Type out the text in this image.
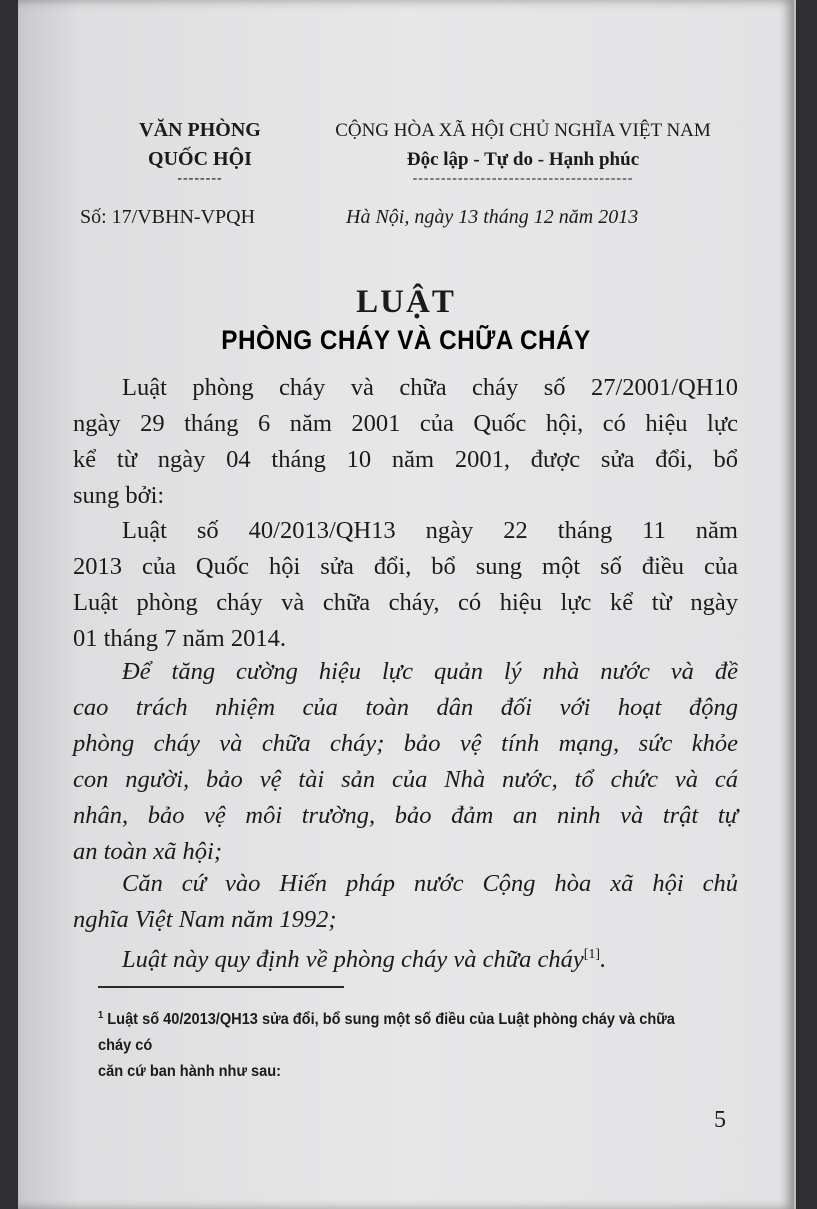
VĂN PHÒNG
QUỐC HỘI
--------
CỘNG HÒA XÃ HỘI CHỦ NGHĨA VIỆT NAM
Độc lập - Tự do - Hạnh phúc
---------------------------------------
Số: 17/VBHN-VPQH	Hà Nội, ngày 13 tháng 12 năm 2013
LUẬT
PHÒNG CHÁY VÀ CHỮA CHÁY
Luật phòng cháy và chữa cháy số 27/2001/QH10
ngày 29 tháng 6 năm 2001 của Quốc hội, có hiệu lực
kể từ ngày 04 tháng 10 năm 2001, được sửa đổi, bổ
sung bởi:
Luật số 40/2013/QH13 ngày 22 tháng 11 năm
2013 của Quốc hội sửa đổi, bổ sung một số điều của
Luật phòng cháy và chữa cháy, có hiệu lực kể từ ngày
01 tháng 7 năm 2014.
Để tăng cường hiệu lực quản lý nhà nước và đề
cao trách nhiệm của toàn dân đối với hoạt động
phòng cháy và chữa cháy; bảo vệ tính mạng, sức khỏe
con người, bảo vệ tài sản của Nhà nước, tổ chức và cá
nhân, bảo vệ môi trường, bảo đảm an ninh và trật tự
an toàn xã hội;
Căn cứ vào Hiến pháp nước Cộng hòa xã hội chủ
nghĩa Việt Nam năm 1992;
Luật này quy định về phòng cháy và chữa cháy[1].
$^1$ Luật số 40/2013/QH13 sửa đổi, bổ sung một số điều của Luật phòng cháy và chữa cháy có
căn cứ ban hành như sau:
5
